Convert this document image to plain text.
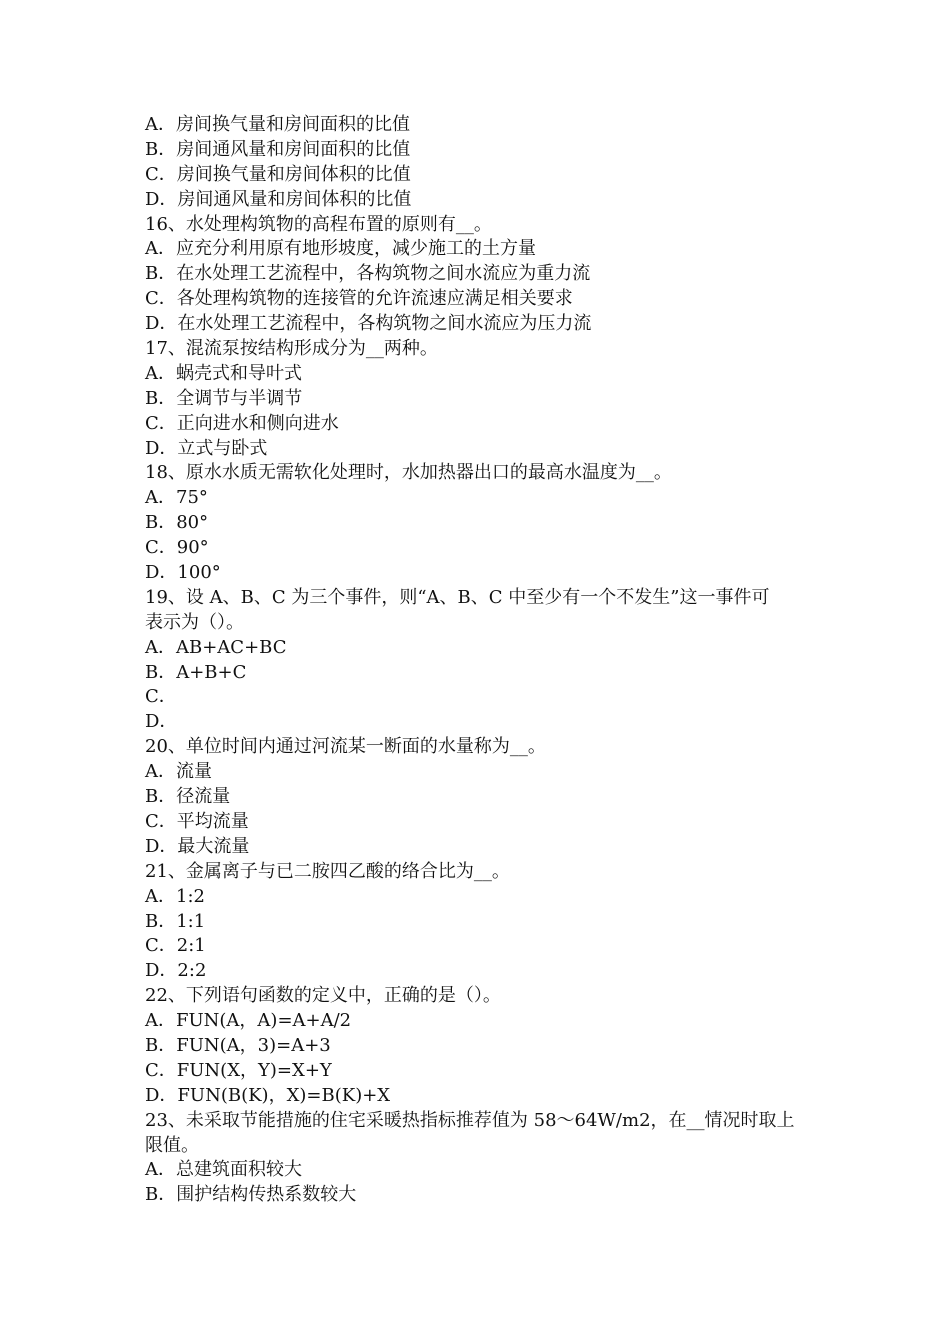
A．房间换气量和房间面积的比值

B．房间通风量和房间面积的比值

C．房间换气量和房间体积的比值

D．房间通风量和房间体积的比值

16、水处理构筑物的高程布置的原则有__。

A．应充分利用原有地形坡度，减少施工的土方量

B．在水处理工艺流程中，各构筑物之间水流应为重力流

C．各处理构筑物的连接管的允许流速应满足相关要求

D．在水处理工艺流程中，各构筑物之间水流应为压力流

17、混流泵按结构形成分为__两种。

A．蜗壳式和导叶式

B．全调节与半调节

C．正向进水和侧向进水

D．立式与卧式

18、原水水质无需软化处理时，水加热器出口的最高水温度为__。

A．75°

B．80°

C．90°

D．100°

19、设 A、B、C 为三个事件，则“A、B、C 中至少有一个不发生”这一事件可

表示为（）。

A．AB+AC+BC

B．A+B+C

C．

D．

20、单位时间内通过河流某一断面的水量称为__。

A．流量

B．径流量

C．平均流量

D．最大流量

21、金属离子与已二胺四乙酸的络合比为__。

A．1:2

B．1:1

C．2:1

D．2:2

22、下列语句函数的定义中，正确的是（）。

A．FUN(A，A)=A+A/2

B．FUN(A，3)=A+3

C．FUN(X，Y)=X+Y

D．FUN(B(K)，X)=B(K)+X

23、未采取节能措施的住宅采暖热指标推荐值为 58～64W/m2，在__情况时取上

限值。

A．总建筑面积较大

B．围护结构传热系数较大
